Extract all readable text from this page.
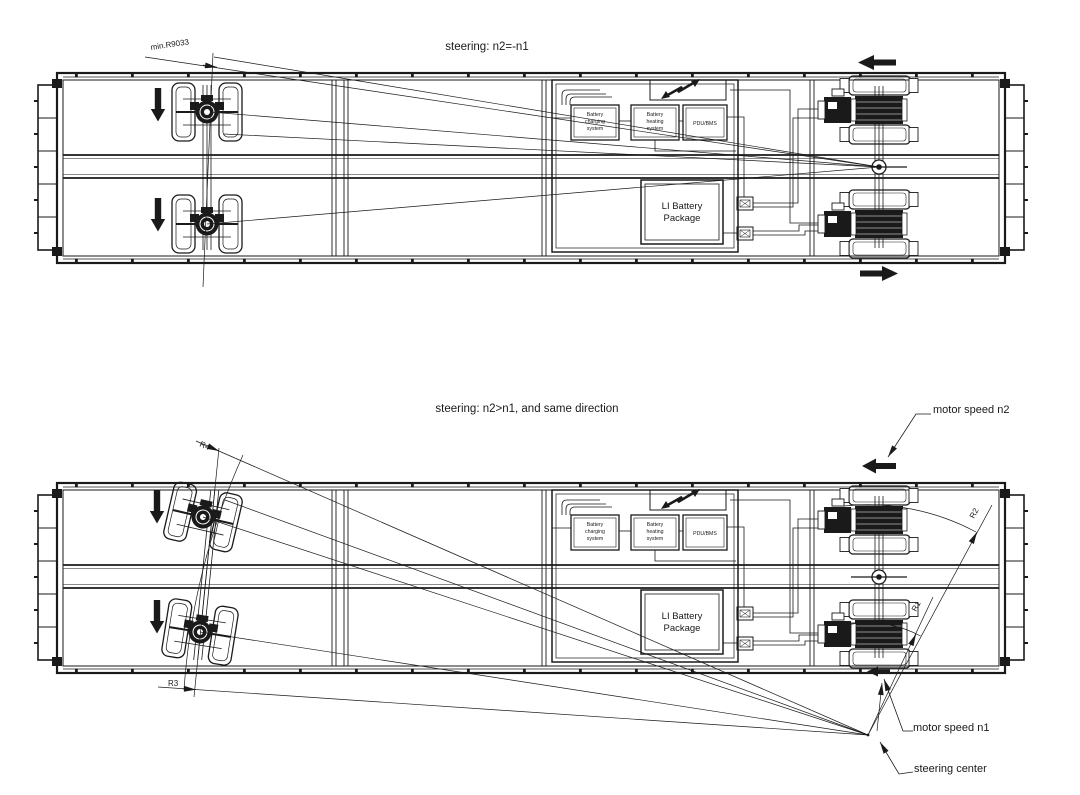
steering: n2=-n1
min.R9033
steering: n2>n1, and same direction
R4
R3
R1
R2
motor speed n2
motor speed n1
steering center
